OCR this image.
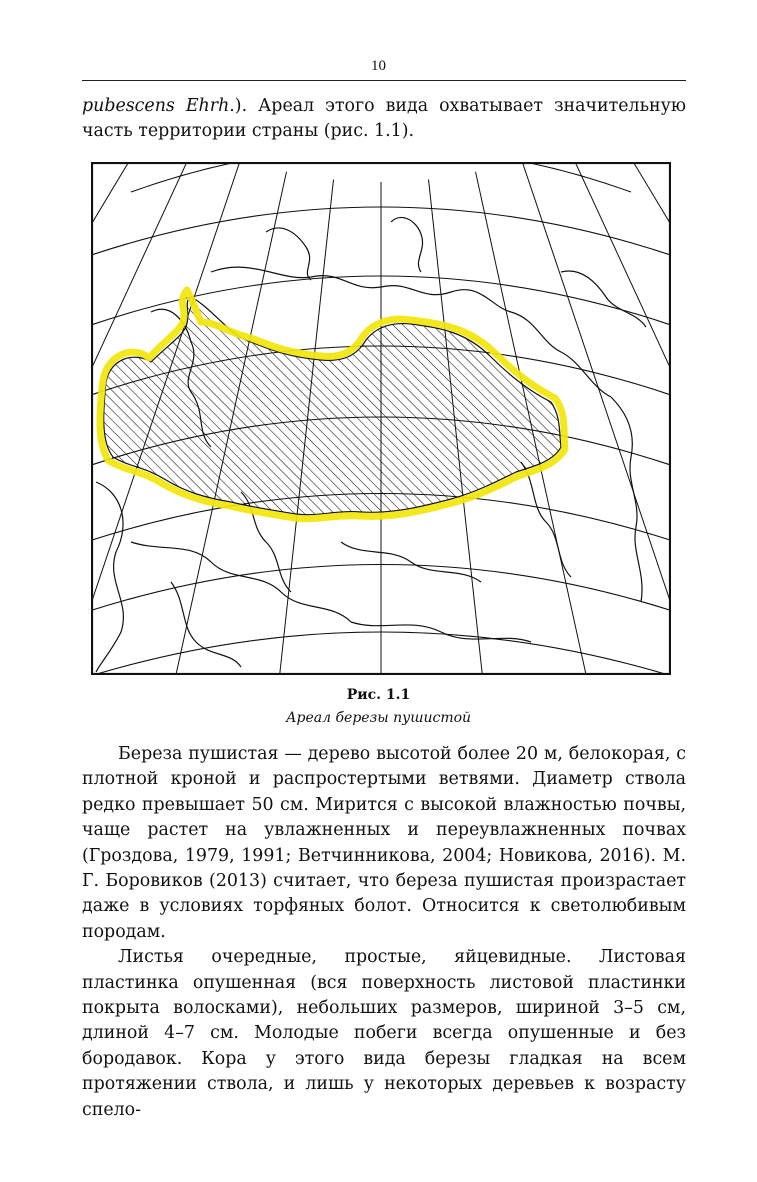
10

pubescens Ehrh.). Ареал этого вида охватывает значительную часть территории страны (рис. 1.1).

Рис. 1.1
Ареал березы пушистой

Береза пушистая — дерево высотой более 20 м, белокорая, с плотной кроной и распростертыми ветвями. Диаметр ствола редко превышает 50 см. Мирится с высокой влажностью почвы, чаще растет на увлажненных и переувлажненных почвах (Гроздова, 1979, 1991; Ветчинникова, 2004; Новикова, 2016). М. Г. Боровиков (2013) считает, что береза пушистая произрастает даже в условиях торфяных болот. Относится к светолюбивым породам.

Листья очередные, простые, яйцевидные. Листовая пластинка опушенная (вся поверхность листовой пластинки покрыта волосками), небольших размеров, шириной 3–5 см, длиной 4–7 см. Молодые побеги всегда опушенные и без бородавок. Кора у этого вида березы гладкая на всем протяжении ствола, и лишь у некоторых деревьев к возрасту спело-
